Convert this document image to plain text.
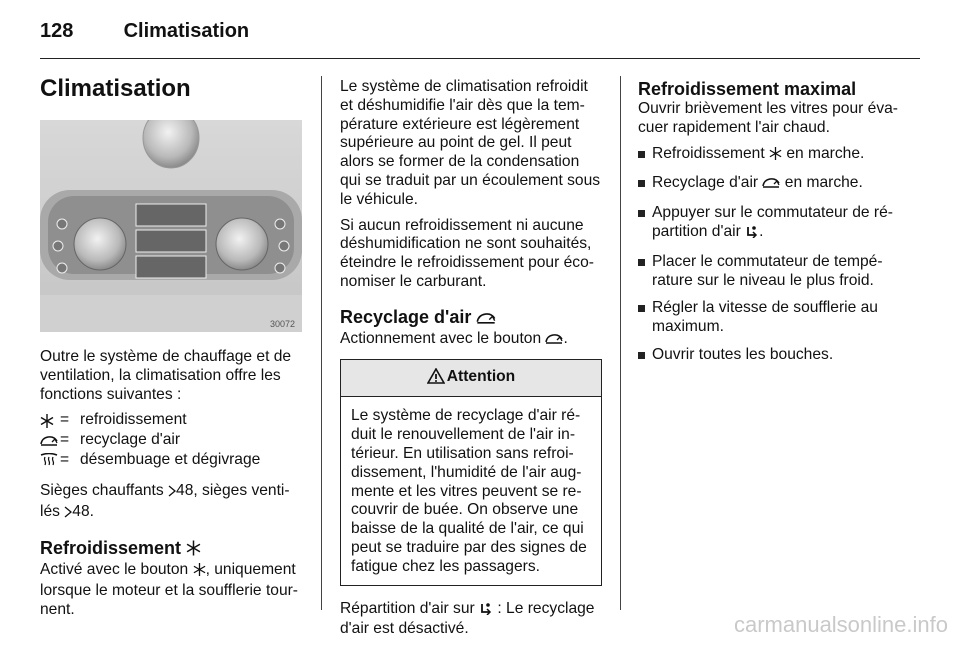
128	Climatisation
Climatisation
30072

Outre le système de chauffage et de ventilation, la climatisation offre les fonctions suivantes :

= refroidissement
= recyclage d'air
= désembuage et dégivrage

Sièges chauffants 48, sièges venti-
lés 48.

Refroidissement

Activé avec le bouton , uniquement lorsque le moteur et la soufflerie tour-nent.

Le système de climatisation refroidit et déshumidifie l'air dès que la tem-pérature extérieure est légèrement supérieure au point de gel. Il peut alors se former de la condensation qui se traduit par un écoulement sous le véhicule.

Si aucun refroidissement ni aucune déshumidification ne sont souhaités, éteindre le refroidissement pour éco-nomiser le carburant.

Recyclage d'air

Actionnement avec le bouton .

Attention
Le système de recyclage d'air ré-duit le renouvellement de l'air in-térieur. En utilisation sans refroi-dissement, l'humidité de l'air aug-mente et les vitres peuvent se re-couvrir de buée. On observe une baisse de la qualité de l'air, ce qui peut se traduire par des signes de fatigue chez les passagers.

Répartition d'air sur  : Le recyclage d'air est désactivé.

Refroidissement maximal

Ouvrir brièvement les vitres pour éva-cuer rapidement l'air chaud.

Refroidissement  en marche.
Recyclage d'air  en marche.
Appuyer sur le commutateur de ré-partition d'air .
Placer le commutateur de tempé-rature sur le niveau le plus froid.
Régler la vitesse de soufflerie au maximum.
Ouvrir toutes les bouches.
carmanualsonline.info
